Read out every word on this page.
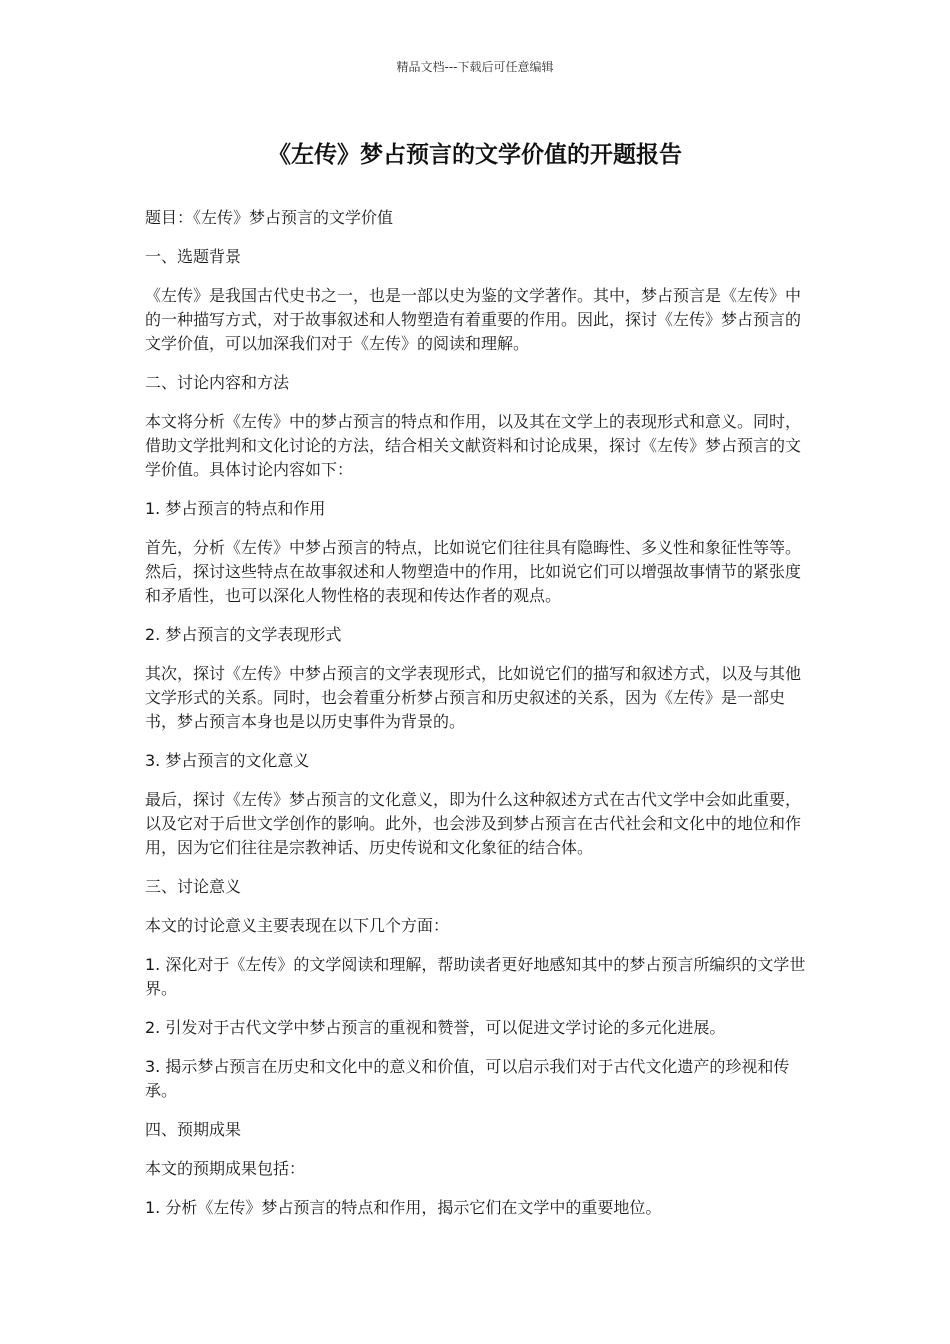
精品文档---下载后可任意编辑
《左传》梦占预言的文学价值的开题报告

题目：《左传》梦占预言的文学价值

一、选题背景

《左传》是我国古代史书之一，也是一部以史为鉴的文学著作。其中，梦占预言是《左传》中的一种描写方式，对于故事叙述和人物塑造有着重要的作用。因此，探讨《左传》梦占预言的文学价值，可以加深我们对于《左传》的阅读和理解。

二、讨论内容和方法

本文将分析《左传》中的梦占预言的特点和作用，以及其在文学上的表现形式和意义。同时，借助文学批判和文化讨论的方法，结合相关文献资料和讨论成果，探讨《左传》梦占预言的文学价值。具体讨论内容如下：

1. 梦占预言的特点和作用

首先，分析《左传》中梦占预言的特点，比如说它们往往具有隐晦性、多义性和象征性等等。然后，探讨这些特点在故事叙述和人物塑造中的作用，比如说它们可以增强故事情节的紧张度和矛盾性，也可以深化人物性格的表现和传达作者的观点。

2. 梦占预言的文学表现形式

其次，探讨《左传》中梦占预言的文学表现形式，比如说它们的描写和叙述方式，以及与其他文学形式的关系。同时，也会着重分析梦占预言和历史叙述的关系，因为《左传》是一部史书，梦占预言本身也是以历史事件为背景的。

3. 梦占预言的文化意义

最后，探讨《左传》梦占预言的文化意义，即为什么这种叙述方式在古代文学中会如此重要，以及它对于后世文学创作的影响。此外，也会涉及到梦占预言在古代社会和文化中的地位和作用，因为它们往往是宗教神话、历史传说和文化象征的结合体。

三、讨论意义

本文的讨论意义主要表现在以下几个方面：

1. 深化对于《左传》的文学阅读和理解，帮助读者更好地感知其中的梦占预言所编织的文学世界。

2. 引发对于古代文学中梦占预言的重视和赞誉，可以促进文学讨论的多元化进展。

3. 揭示梦占预言在历史和文化中的意义和价值，可以启示我们对于古代文化遗产的珍视和传承。

四、预期成果

本文的预期成果包括：

1. 分析《左传》梦占预言的特点和作用，揭示它们在文学中的重要地位。
